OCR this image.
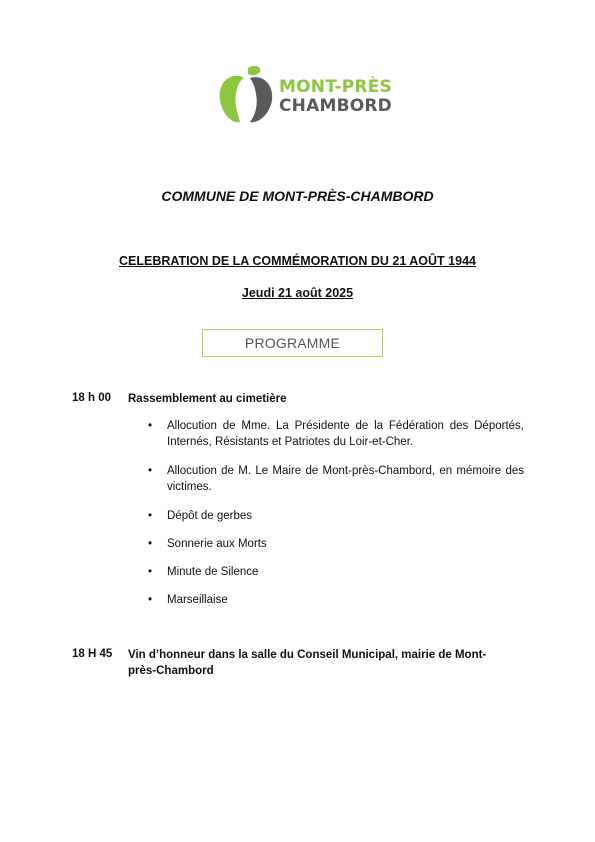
MONT-PRÈS
CHAMBORD
COMMUNE DE MONT-PRÈS-CHAMBORD
CELEBRATION DE LA COMMÉMORATION DU 21 AOÛT 1944
Jeudi 21 août 2025
PROGRAMME
18 h 00 Rassemblement au cimetière
• Allocution de Mme. La Présidente de la Fédération des Déportés, Internés, Résistants et Patriotes du Loir-et-Cher.
• Allocution de M. Le Maire de Mont-près-Chambord, en mémoire des victimes.
• Dépôt de gerbes
• Sonnerie aux Morts
• Minute de Silence
• Marseillaise
18 H 45 Vin d’honneur dans la salle du Conseil Municipal, mairie de Mont-près-Chambord
